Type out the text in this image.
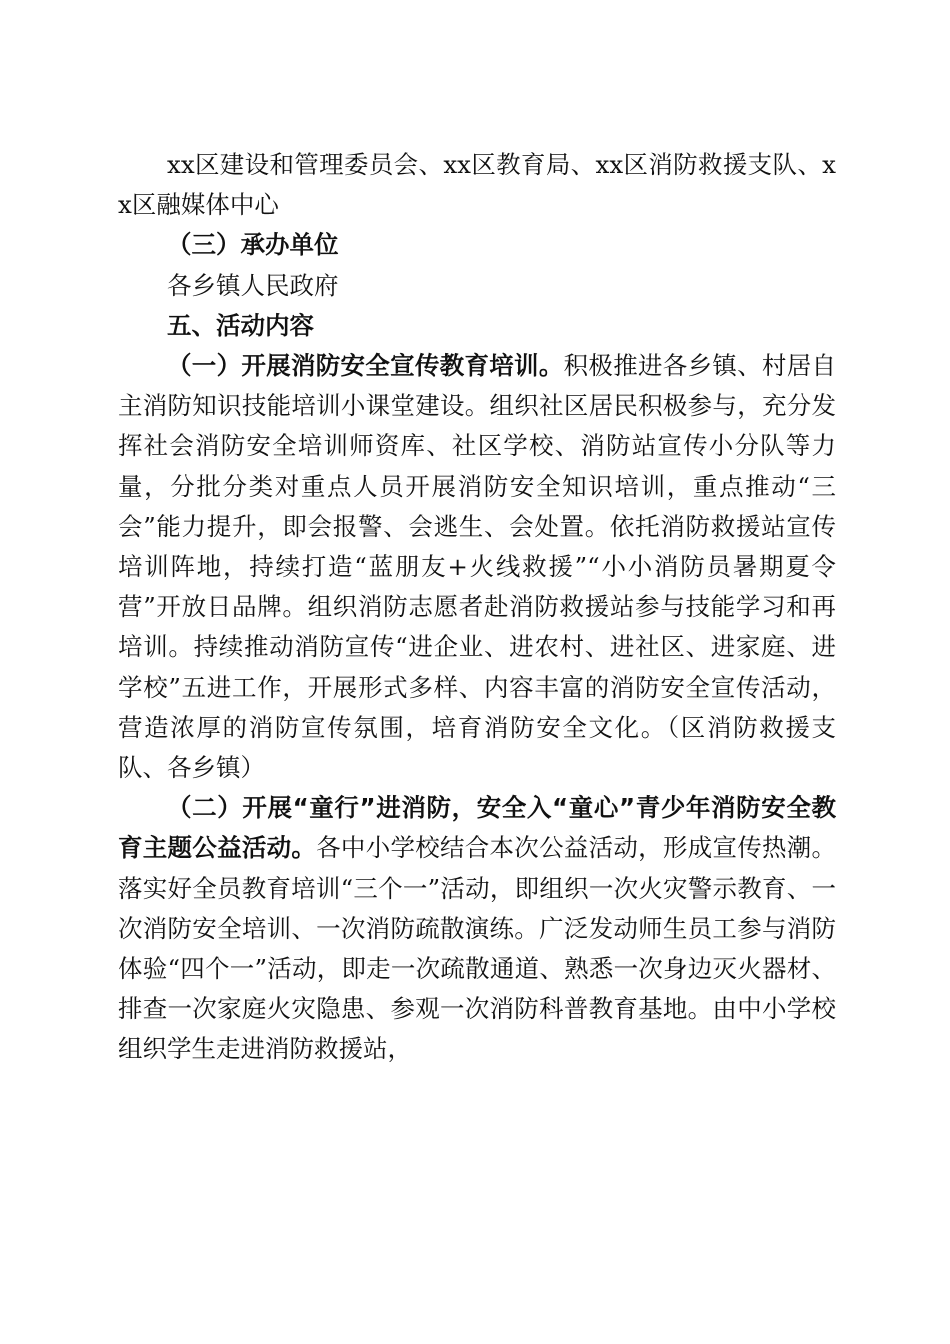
xx区建设和管理委员会、xx区教育局、xx区消防救援支队、xx区融媒体中心

（三）承办单位

各乡镇人民政府

五、活动内容

（一）开展消防安全宣传教育培训。积极推进各乡镇、村居自主消防知识技能培训小课堂建设。组织社区居民积极参与，充分发挥社会消防安全培训师资库、社区学校、消防站宣传小分队等力量，分批分类对重点人员开展消防安全知识培训，重点推动“三会”能力提升，即会报警、会逃生、会处置。依托消防救援站宣传培训阵地，持续打造“蓝朋友+火线救援”“小小消防员暑期夏令营”开放日品牌。组织消防志愿者赴消防救援站参与技能学习和再培训。持续推动消防宣传“进企业、进农村、进社区、进家庭、进学校”五进工作，开展形式多样、内容丰富的消防安全宣传活动，营造浓厚的消防宣传氛围，培育消防安全文化。（区消防救援支队、各乡镇）

（二）开展“童行”进消防，安全入“童心”青少年消防安全教育主题公益活动。各中小学校结合本次公益活动，形成宣传热潮。落实好全员教育培训“三个一”活动，即组织一次火灾警示教育、一次消防安全培训、一次消防疏散演练。广泛发动师生员工参与消防体验“四个一”活动，即走一次疏散通道、熟悉一次身边灭火器材、排查一次家庭火灾隐患、参观一次消防科普教育基地。由中小学校组织学生走进消防救援站，
